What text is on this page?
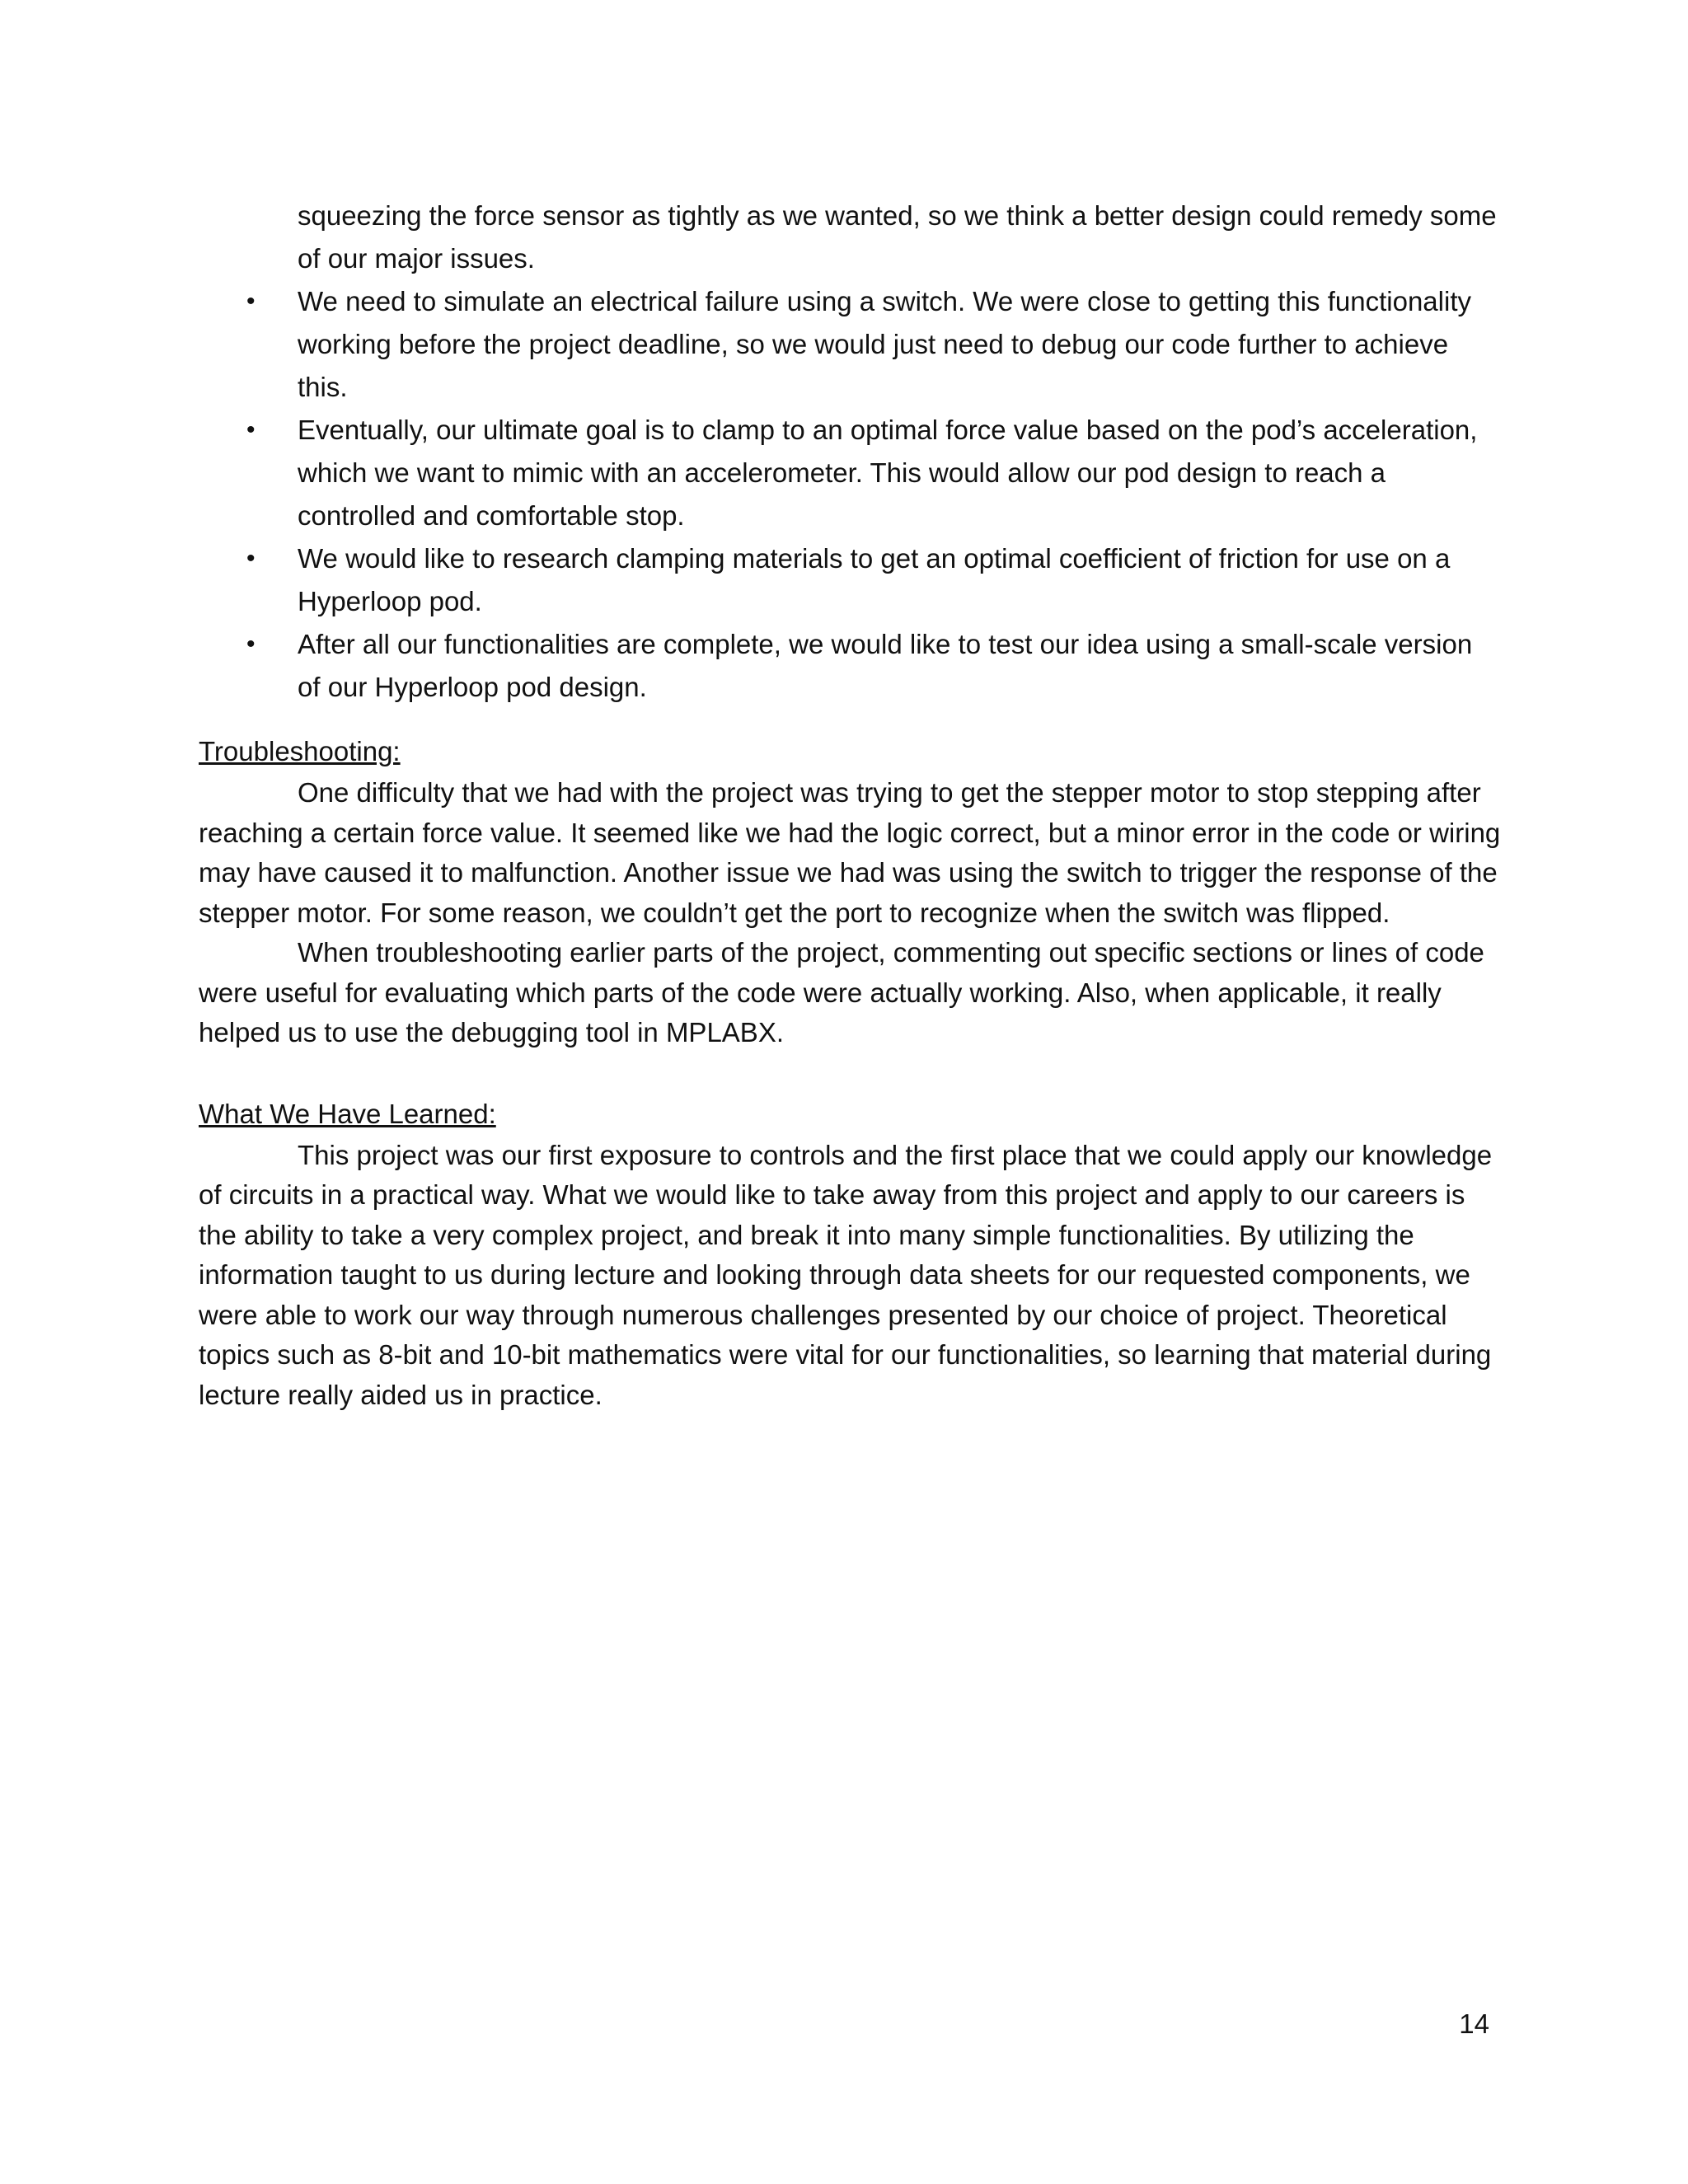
squeezing the force sensor as tightly as we wanted, so we think a better design could remedy some of our major issues.

• We need to simulate an electrical failure using a switch. We were close to getting this functionality working before the project deadline, so we would just need to debug our code further to achieve this.
• Eventually, our ultimate goal is to clamp to an optimal force value based on the pod’s acceleration, which we want to mimic with an accelerometer. This would allow our pod design to reach a controlled and comfortable stop.
• We would like to research clamping materials to get an optimal coefficient of friction for use on a Hyperloop pod.
• After all our functionalities are complete, we would like to test our idea using a small-scale version of our Hyperloop pod design.

Troubleshooting:

One difficulty that we had with the project was trying to get the stepper motor to stop stepping after reaching a certain force value. It seemed like we had the logic correct, but a minor error in the code or wiring may have caused it to malfunction. Another issue we had was using the switch to trigger the response of the stepper motor. For some reason, we couldn’t get the port to recognize when the switch was flipped.

When troubleshooting earlier parts of the project, commenting out specific sections or lines of code were useful for evaluating which parts of the code were actually working. Also, when applicable, it really helped us to use the debugging tool in MPLABX.

What We Have Learned:

This project was our first exposure to controls and the first place that we could apply our knowledge of circuits in a practical way. What we would like to take away from this project and apply to our careers is the ability to take a very complex project, and break it into many simple functionalities. By utilizing the information taught to us during lecture and looking through data sheets for our requested components, we were able to work our way through numerous challenges presented by our choice of project. Theoretical topics such as 8-bit and 10-bit mathematics were vital for our functionalities, so learning that material during lecture really aided us in practice.

14
